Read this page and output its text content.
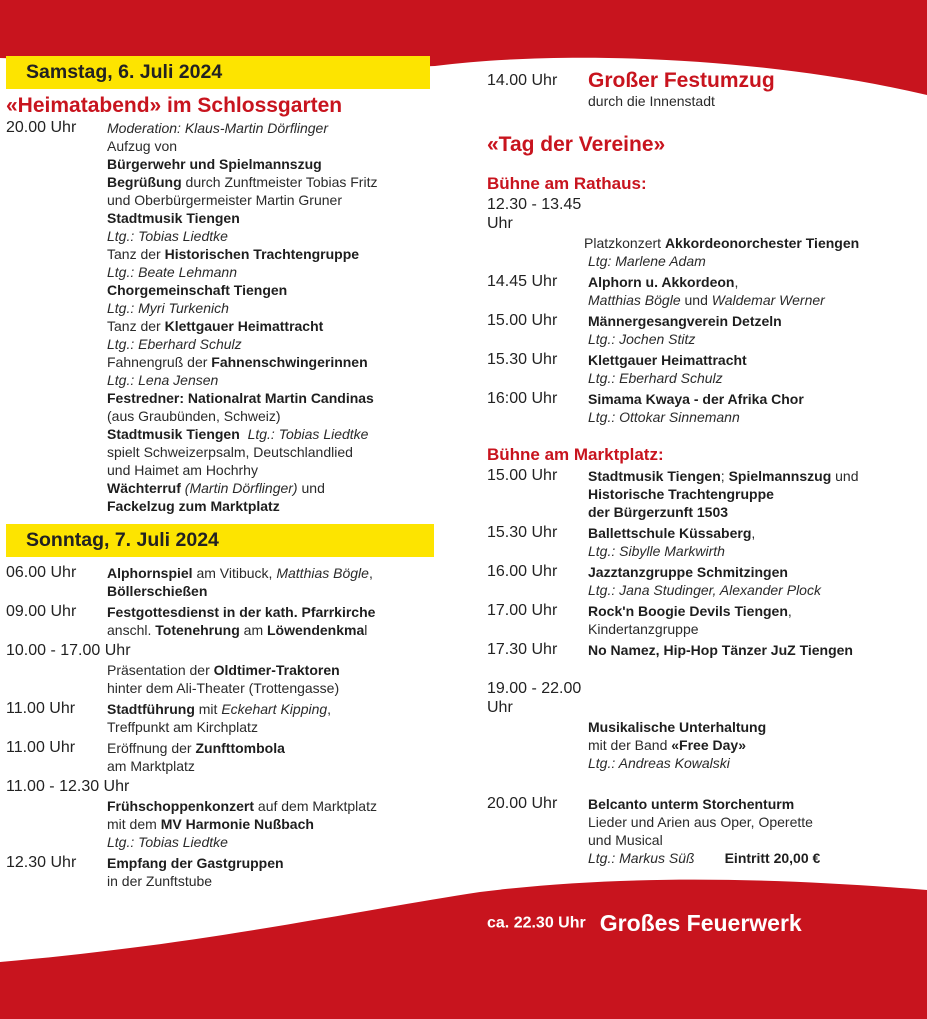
Samstag, 6. Juli 2024
«Heimatabend» im Schlossgarten
20.00 Uhr	Moderation: Klaus-Martin Dörflinger
Aufzug von
Bürgerwehr und Spielmannszug
Begrüßung durch Zunftmeister Tobias Fritz
und Oberbürgermeister Martin Gruner
Stadtmusik Tiengen
Ltg.: Tobias Liedtke
Tanz der Historischen Trachtengruppe
Ltg.: Beate Lehmann
Chorgemeinschaft Tiengen
Ltg.: Myri Turkenich
Tanz der Klettgauer Heimattracht
Ltg.: Eberhard Schulz
Fahnengruß der Fahnenschwingerinnen
Ltg.: Lena Jensen
Festredner: Nationalrat Martin Candinas
(aus Graubünden, Schweiz)
Stadtmusik Tiengen Ltg.: Tobias Liedtke
spielt Schweizerpsalm, Deutschlandlied
und Haimet am Hochrhy
Wächterruf (Martin Dörflinger) und
Fackelzug zum Marktplatz
Sonntag, 7. Juli 2024
06.00 Uhr	Alphornspiel am Vitibuck, Matthias Bögle,
Böllerschießen
09.00 Uhr	Festgottesdienst in der kath. Pfarrkirche
anschl. Totenehrung am Löwendenkmal
10.00 - 17.00 Uhr
Präsentation der Oldtimer-Traktoren
hinter dem Ali-Theater (Trottengasse)
11.00 Uhr	Stadtführung mit Eckehart Kipping,
Treffpunkt am Kirchplatz
11.00 Uhr	Eröffnung der Zunfttombola
am Marktplatz
11.00 - 12.30 Uhr
Frühschoppenkonzert auf dem Marktplatz
mit dem MV Harmonie Nußbach
Ltg.: Tobias Liedtke
12.30 Uhr	Empfang der Gastgruppen
in der Zunftstube
14.00 Uhr	Großer Festumzug
durch die Innenstadt
«Tag der Vereine»
Bühne am Rathaus:
12.30 - 13.45 Uhr
Platzkonzert Akkordeonorchester Tiengen
Ltg: Marlene Adam
14.45 Uhr	Alphorn u. Akkordeon,
Matthias Bögle und Waldemar Werner
15.00 Uhr	Männergesangverein Detzeln
Ltg.: Jochen Stitz
15.30 Uhr	Klettgauer Heimattracht
Ltg.: Eberhard Schulz
16:00 Uhr	Simama Kwaya - der Afrika Chor
Ltg.: Ottokar Sinnemann
Bühne am Marktplatz:
15.00 Uhr	Stadtmusik Tiengen; Spielmannszug und
Historische Trachtengruppe
der Bürgerzunft 1503
15.30 Uhr	Ballettschule Küssaberg,
Ltg.: Sibylle Markwirth
16.00 Uhr	Jazztanzgruppe Schmitzingen
Ltg.: Jana Studinger, Alexander Plock
17.00 Uhr	Rock'n Boogie Devils Tiengen,
Kindertanzgruppe
17.30 Uhr	No Namez, Hip-Hop Tänzer JuZ Tiengen
19.00 - 22.00 Uhr
Musikalische Unterhaltung
mit der Band «Free Day»
Ltg.: Andreas Kowalski
20.00 Uhr	Belcanto unterm Storchenturm
Lieder und Arien aus Oper, Operette
und Musical
Ltg.: Markus Süß Eintritt 20,00 €
ca. 22.30 Uhr Großes Feuerwerk
